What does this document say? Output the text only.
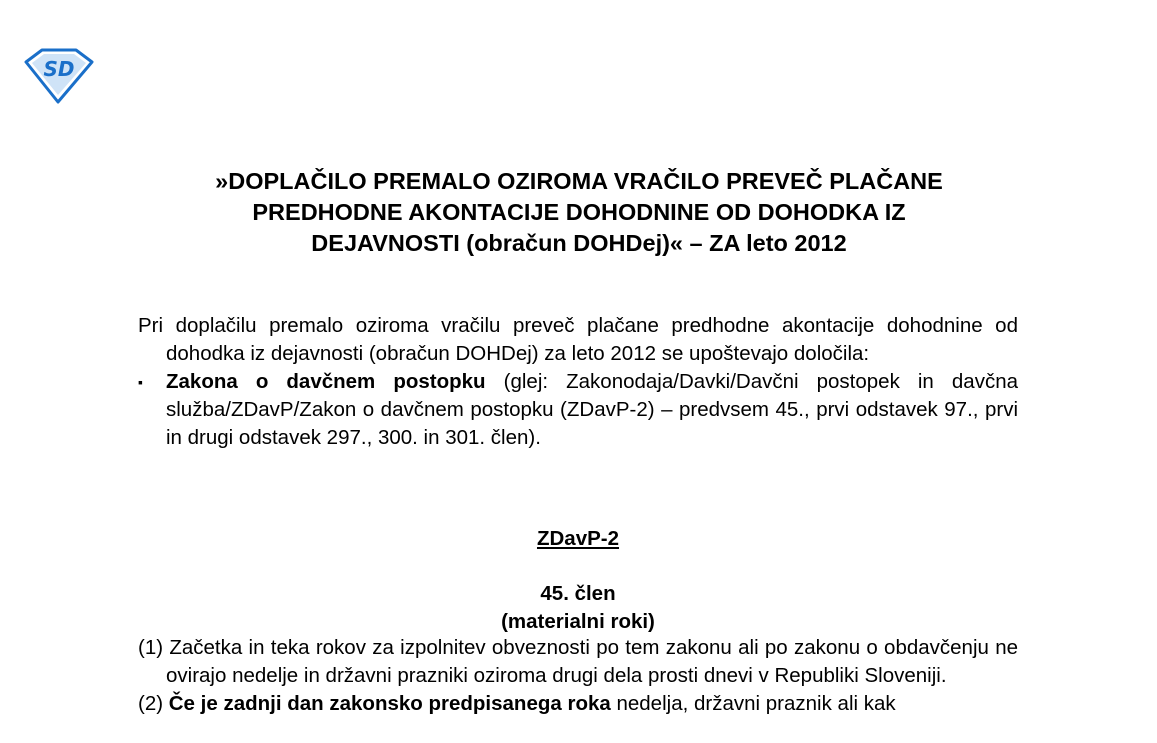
SD
»DOPLAČILO PREMALO OZIROMA VRAČILO PREVEČ PLAČANE
PREDHODNE AKONTACIJE DOHODNINE OD DOHODKA IZ
DEJAVNOSTI (obračun DOHDej)« – ZA leto 2012

Pri doplačilu premalo oziroma vračilu preveč plačane predhodne akontacije dohodnine od dohodka iz dejavnosti (obračun DOHDej) za leto 2012 se upoštevajo določila:

▪	Zakona o davčnem postopku (glej: Zakonodaja/Davki/Davčni postopek in davčna služba/ZDavP/Zakon o davčnem postopku (ZDavP-2) – predvsem 45., prvi odstavek 97., prvi in drugi odstavek 297., 300. in 301. člen).
ZDavP-2
45. člen
(materialni roki)

(1) Začetka in teka rokov za izpolnitev obveznosti po tem zakonu ali po zakonu o obdavčenju ne ovirajo nedelje in državni prazniki oziroma drugi dela prosti dnevi v Republiki Sloveniji.

(2) Če je zadnji dan zakonsko predpisanega roka nedelja, državni praznik ali kak
